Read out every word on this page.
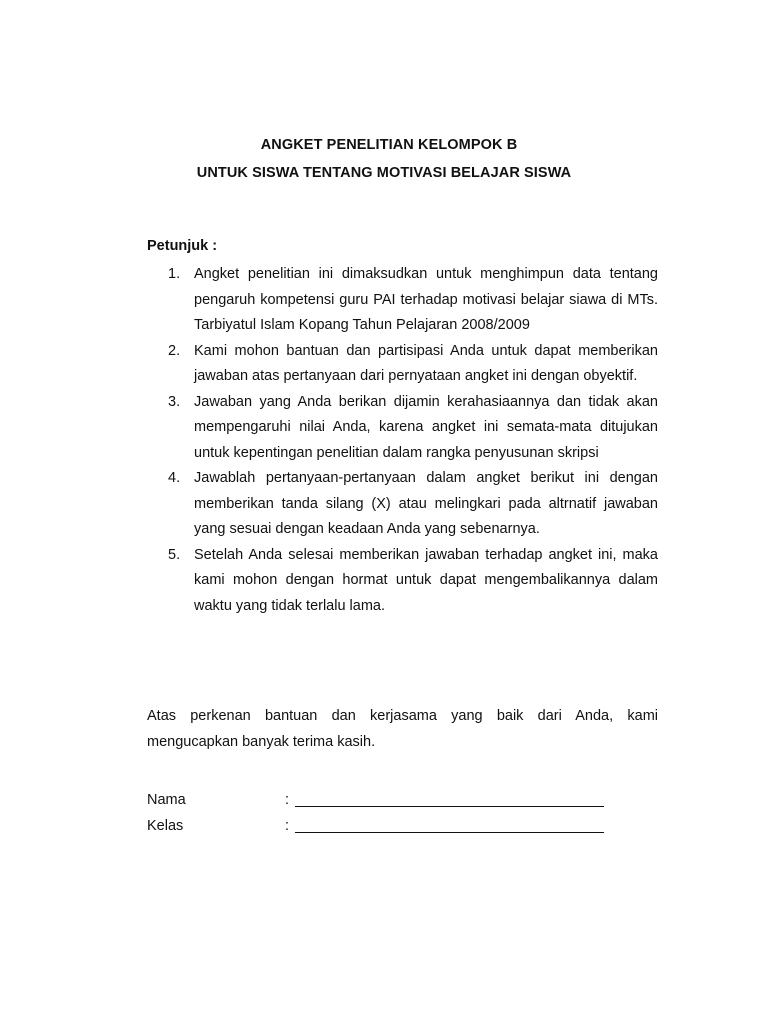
ANGKET PENELITIAN KELOMPOK B
UNTUK SISWA TENTANG MOTIVASI BELAJAR SISWA
Petunjuk :
1. Angket penelitian ini dimaksudkan untuk menghimpun data tentang pengaruh kompetensi guru PAI terhadap motivasi belajar siawa di MTs. Tarbiyatul Islam Kopang Tahun Pelajaran 2008/2009
2. Kami mohon bantuan dan partisipasi Anda untuk dapat memberikan jawaban atas pertanyaan dari pernyataan angket ini dengan obyektif.
3. Jawaban yang Anda berikan dijamin kerahasiaannya dan tidak akan mempengaruhi nilai Anda, karena angket ini semata-mata ditujukan untuk kepentingan penelitian dalam rangka penyusunan skripsi
4. Jawablah pertanyaan-pertanyaan dalam angket berikut ini dengan memberikan tanda silang (X) atau melingkari pada altrnatif jawaban yang sesuai dengan keadaan Anda yang sebenarnya.
5. Setelah Anda selesai memberikan jawaban terhadap angket ini, maka kami mohon dengan hormat untuk dapat mengembalikannya dalam waktu yang tidak terlalu lama.

Atas perkenan bantuan dan kerjasama yang baik dari Anda, kami mengucapkan banyak terima kasih.

Nama	:
Kelas	:
